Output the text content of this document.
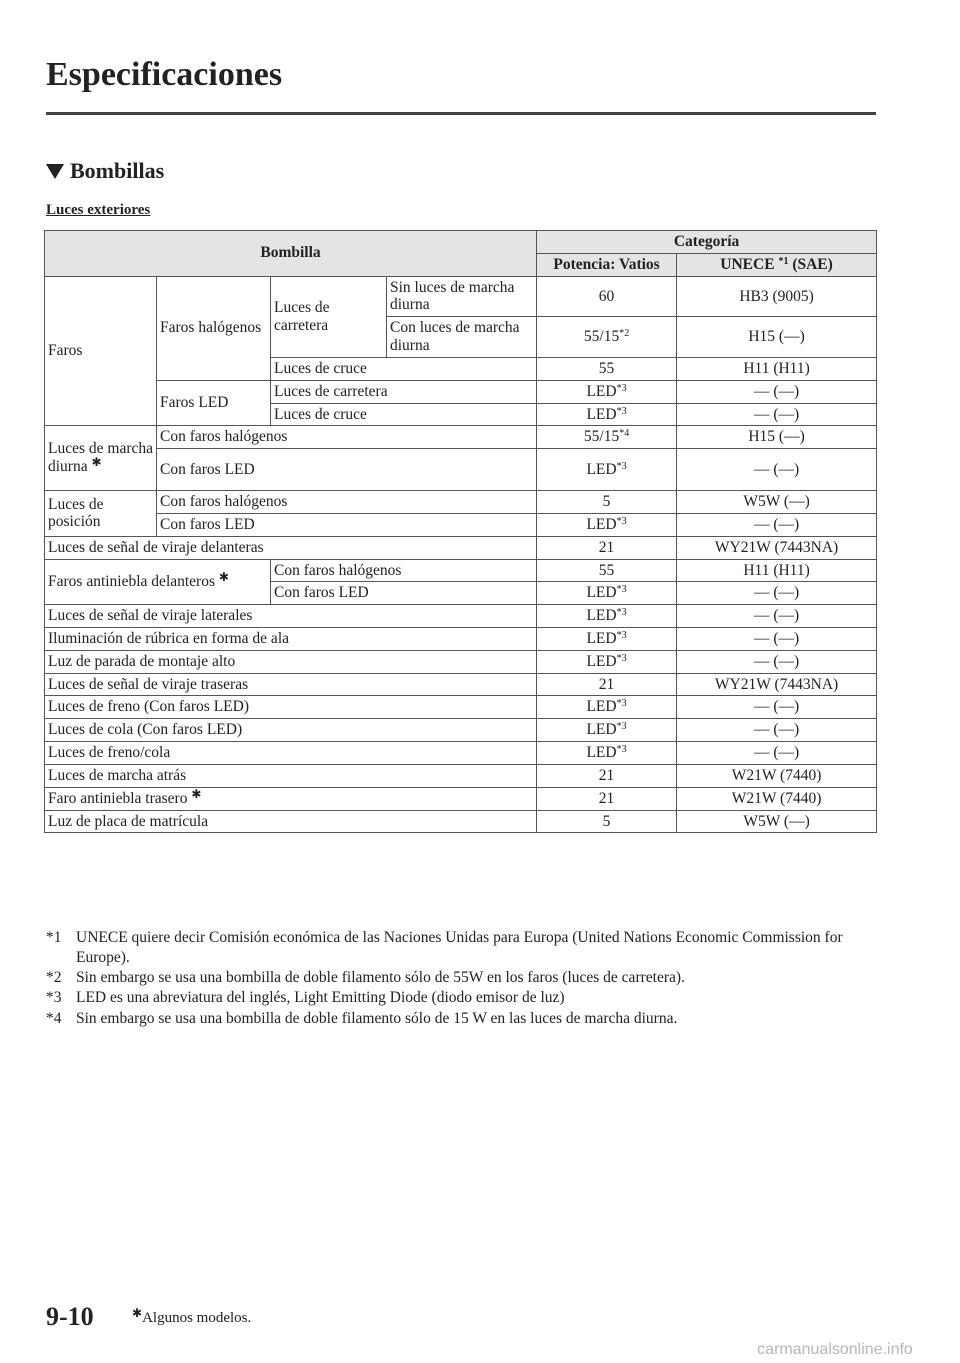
Especificaciones
Bombillas
Luces exteriores
Bombilla				Categoría	
				Potencia: Vatios	UNECE $^{*1}$ (SAE)
Faros	Faros halógenos	Luces de carretera	Sin luces de marcha diurna	60	HB3 (9005)
			Con luces de marcha diurna	55/15$^{*2}$	H15 (―)
		Luces de cruce		55	H11 (H11)
	Faros LED	Luces de carretera		LED$^{*3}$	― (―)
		Luces de cruce		LED$^{*3}$	― (―)
Luces de marcha diurna ✱	Con faros halógenos			55/15$^{*4}$	H15 (―)
	Con faros LED			LED$^{*3}$	― (―)
Luces de posición	Con faros halógenos			5	W5W (―)
	Con faros LED			LED$^{*3}$	― (―)
Luces de señal de viraje delanteras				21	WY21W (7443NA)
Faros antiniebla delanteros ✱		Con faros halógenos		55	H11 (H11)
		Con faros LED		LED$^{*3}$	― (―)
Luces de señal de viraje laterales				LED$^{*3}$	― (―)
Iluminación de rúbrica en forma de ala				LED$^{*3}$	― (―)
Luz de parada de montaje alto				LED$^{*3}$	― (―)
Luces de señal de viraje traseras				21	WY21W (7443NA)
Luces de freno (Con faros LED)				LED$^{*3}$	― (―)
Luces de cola (Con faros LED)				LED$^{*3}$	― (―)
Luces de freno/cola				LED$^{*3}$	― (―)
Luces de marcha atrás				21	W21W (7440)
Faro antiniebla trasero ✱				21	W21W (7440)
Luz de placa de matrícula				5	W5W (―)
*1 UNECE quiere decir Comisión económica de las Naciones Unidas para Europa (United Nations Economic Commission for Europe).
*2 Sin embargo se usa una bombilla de doble filamento sólo de 55W en los faros (luces de carretera).
*3 LED es una abreviatura del inglés, Light Emitting Diode (diodo emisor de luz)
*4 Sin embargo se usa una bombilla de doble filamento sólo de 15 W en las luces de marcha diurna.
9-10	✱Algunos modelos.
carmanualsonline.info
